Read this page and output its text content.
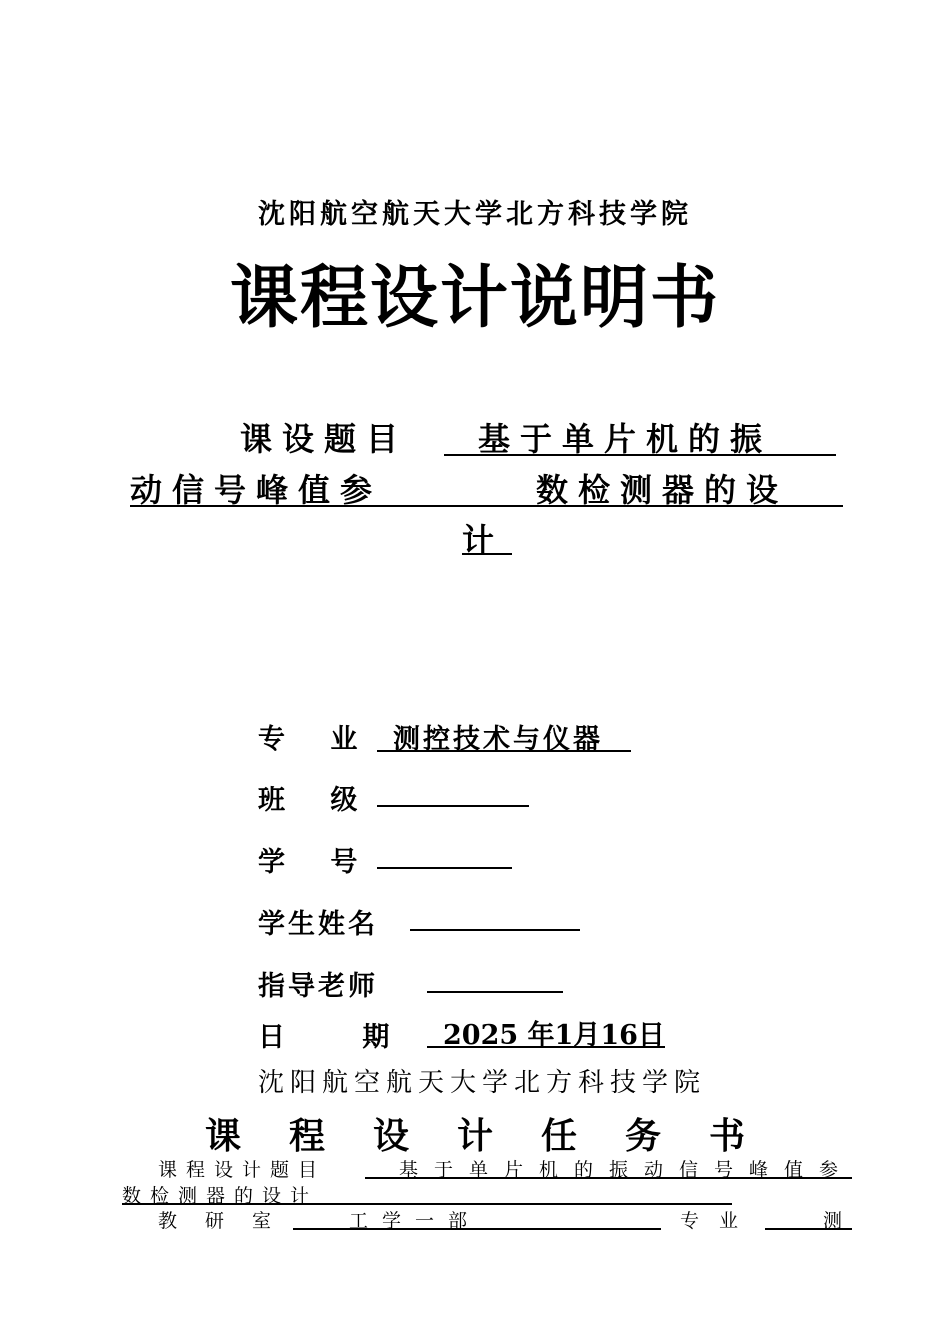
沈阳航空航天大学北方科技学院
课程设计说明书
课设题目	基于单片机的振
动信号峰值参	数检测器的设
计
专 业	测控技术与仪器
班 级
学 号
学生姓名
指导老师
日 期	2025 年1月16日
沈阳航空航天大学北方科技学院
课程设计任务书
课程设计题目	基于单片机的振动信号峰值参
数检测器的设计
教研室	工学一部	专业	测
